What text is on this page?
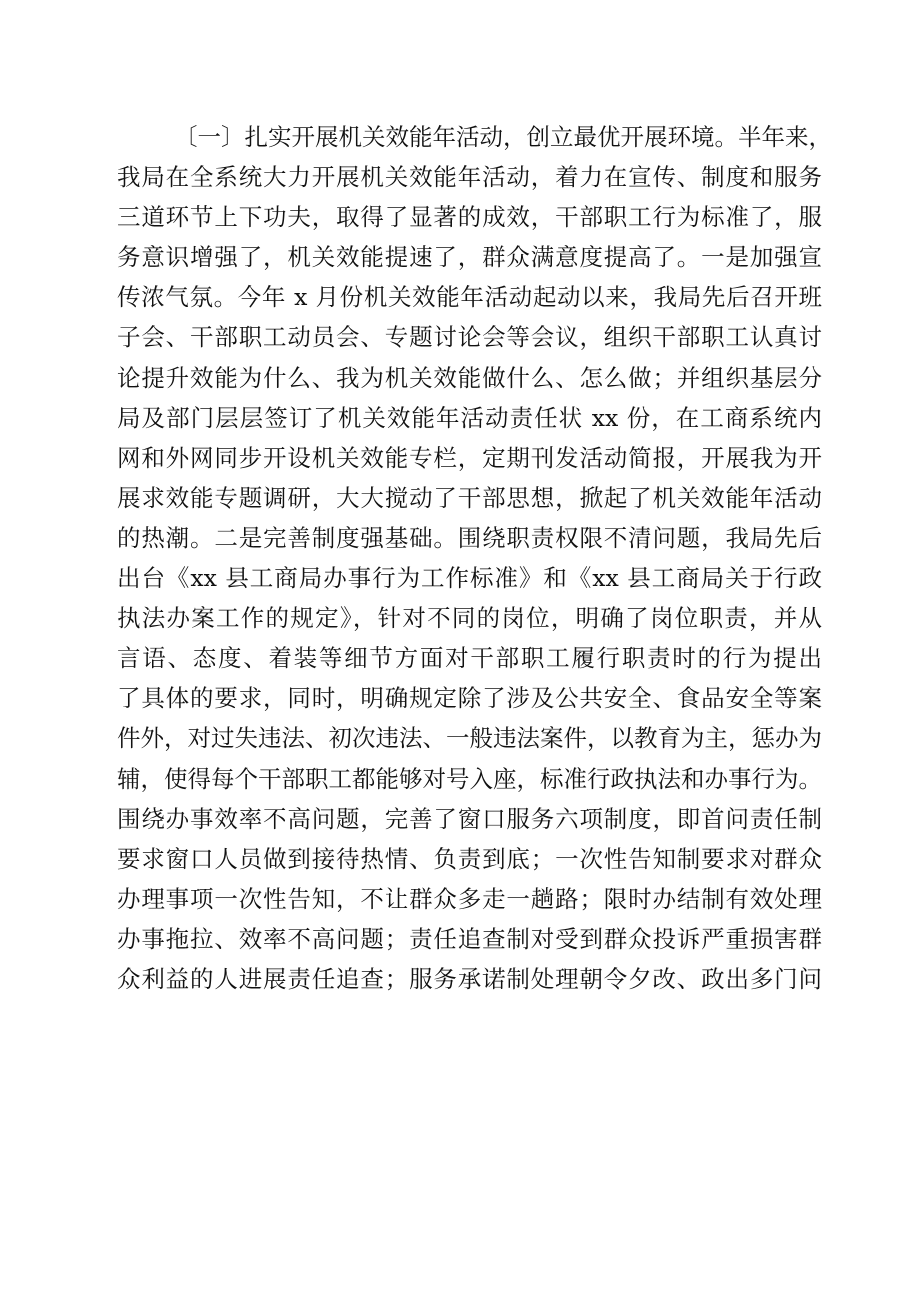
〔一〕扎实开展机关效能年活动，创立最优开展环境。半年来，
我局在全系统大力开展机关效能年活动，着力在宣传、制度和服务
三道环节上下功夫，取得了显著的成效，干部职工行为标准了，服
务意识增强了，机关效能提速了，群众满意度提高了。一是加强宣
传浓气氛。今年 x 月份机关效能年活动起动以来，我局先后召开班
子会、干部职工动员会、专题讨论会等会议，组织干部职工认真讨
论提升效能为什么、我为机关效能做什么、怎么做；并组织基层分
局及部门层层签订了机关效能年活动责任状 xx 份，在工商系统内
网和外网同步开设机关效能专栏，定期刊发活动简报，开展我为开
展求效能专题调研，大大搅动了干部思想，掀起了机关效能年活动
的热潮。二是完善制度强基础。围绕职责权限不清问题，我局先后
出台《xx 县工商局办事行为工作标准》和《xx 县工商局关于行政
执法办案工作的规定》，针对不同的岗位，明确了岗位职责，并从
言语、态度、着装等细节方面对干部职工履行职责时的行为提出
了具体的要求，同时，明确规定除了涉及公共安全、食品安全等案
件外，对过失违法、初次违法、一般违法案件，以教育为主，惩办为
辅，使得每个干部职工都能够对号入座，标准行政执法和办事行为。
围绕办事效率不高问题，完善了窗口服务六项制度，即首问责任制
要求窗口人员做到接待热情、负责到底；一次性告知制要求对群众
办理事项一次性告知，不让群众多走一趟路；限时办结制有效处理
办事拖拉、效率不高问题；责任追查制对受到群众投诉严重损害群
众利益的人进展责任追查；服务承诺制处理朝令夕改、政出多门问
